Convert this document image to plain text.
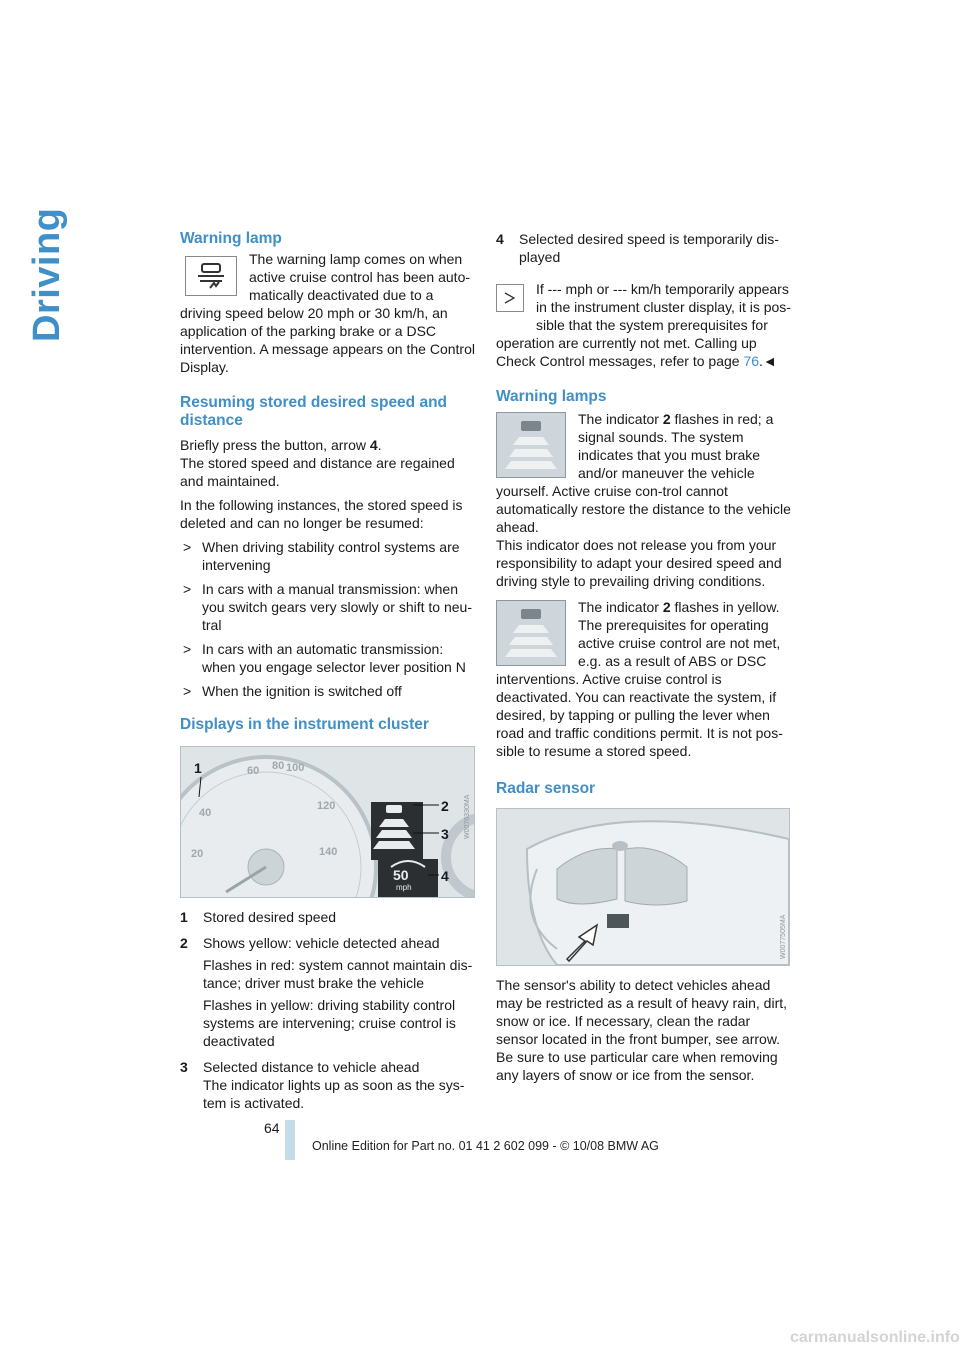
Driving	Warning lamp

The warning lamp comes on when active cruise control has been auto-matically deactivated due to a driving speed below 20 mph or 30 km/h, an application of the parking brake or a DSC intervention. A message appears on the Control Display.

Resuming stored desired speed and distance

Briefly press the button, arrow 4.

The stored speed and distance are regained and maintained.

In the following instances, the stored speed is deleted and can no longer be resumed:

> When driving stability control systems are intervening
> In cars with a manual transmission: when you switch gears very slowly or shift to neu-tral
> In cars with an automatic transmission: when you engage selector lever position N
> When the ignition is switched off
Displays in the instrument cluster
60 80 100
40
120
20	140
1
2
3
4
50
mph
W0076330MA
1 Stored desired speed
2 Shows yellow: vehicle detected ahead

Flashes in red: system cannot maintain dis-tance; driver must brake the vehicle

Flashes in yellow: driving stability control systems are intervening; cruise control is deactivated

3 Selected distance to vehicle ahead

The indicator lights up as soon as the sys-tem is activated.

4 Selected desired speed is temporarily dis-played

If --- mph or --- km/h temporarily appears in the instrument cluster display, it is pos-sible that the system prerequisites for operation are currently not met. Calling up Check Control messages, refer to page 76.◄

Warning lamps

The indicator 2 flashes in red; a signal sounds. The system indicates that you must brake and/or maneuver the vehicle yourself. Active cruise con-trol cannot automatically restore the distance to the vehicle ahead.

This indicator does not release you from your responsibility to adapt your desired speed and driving style to prevailing driving conditions.

The indicator 2 flashes in yellow. The prerequisites for operating active cruise control are not met, e.g. as a result of ABS or DSC interventions. Active cruise control is deactivated. You can reactivate the system, if desired, by tapping or pulling the lever when road and traffic conditions permit. It is not pos-sible to resume a stored speed.

Radar sensor
W0077505MA

The sensor's ability to detect vehicles ahead may be restricted as a result of heavy rain, dirt, snow or ice. If necessary, clean the radar sensor located in the front bumper, see arrow. Be sure to use particular care when removing any layers of snow or ice from the sensor.

64
Online Edition for Part no. 01 41 2 602 099 - © 10/08 BMW AG
carmanualsonline.info
